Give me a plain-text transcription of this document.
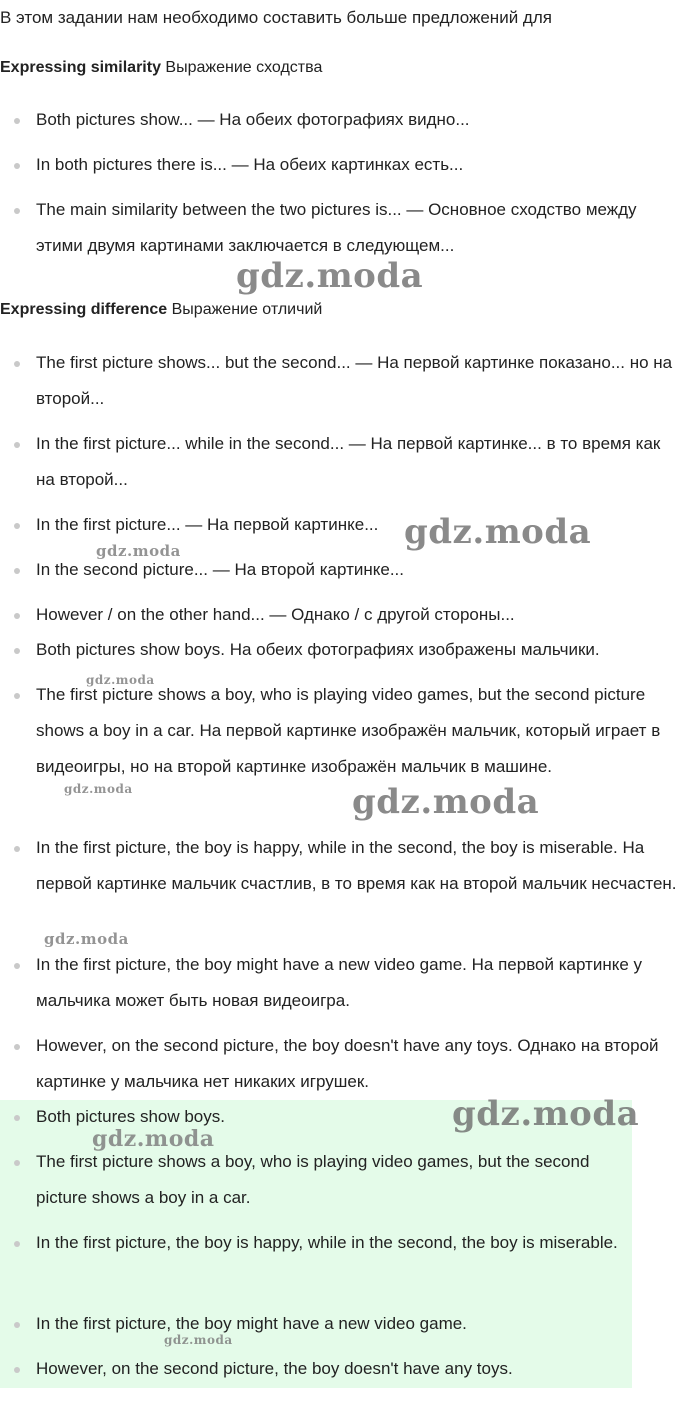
В этом задании нам необходимо составить больше предложений для
Expressing similarity Выражение сходства
Both pictures show... — На обеих фотографиях видно...
In both pictures there is... — На обеих картинках есть...
The main similarity between the two pictures is... — Основное сходство между этими двумя картинами заключается в следующем...
Expressing difference Выражение отличий
The first picture shows... but the second... — На первой картинке показано... но на второй...
In the first picture... while in the second... — На первой картинке... в то время как на второй...
In the first picture... — На первой картинке...
In the second picture... — На второй картинке...
However / on the other hand... — Однако / с другой стороны...
Both pictures show boys. На обеих фотографиях изображены мальчики.
The first picture shows a boy, who is playing video games, but the second picture shows a boy in a car. На первой картинке изображён мальчик, который играет в видеоигры, но на второй картинке изображён мальчик в машине.
In the first picture, the boy is happy, while in the second, the boy is miserable. На первой картинке мальчик счастлив, в то время как на второй мальчик несчастен.
In the first picture, the boy might have a new video game. На первой картинке у мальчика может быть новая видеоигра.
However, on the second picture, the boy doesn't have any toys. Однако на второй картинке у мальчика нет никаких игрушек.
Both pictures show boys.
The first picture shows a boy, who is playing video games, but the second picture shows a boy in a car.
In the first picture, the boy is happy, while in the second, the boy is miserable.
In the first picture, the boy might have a new video game.
However, on the second picture, the boy doesn't have any toys.
gdz.moda
gdz.moda
gdz.moda
gdz.moda
gdz.moda	gdz.moda
gdz.moda
gdz.moda
gdz.moda
gdz.moda
